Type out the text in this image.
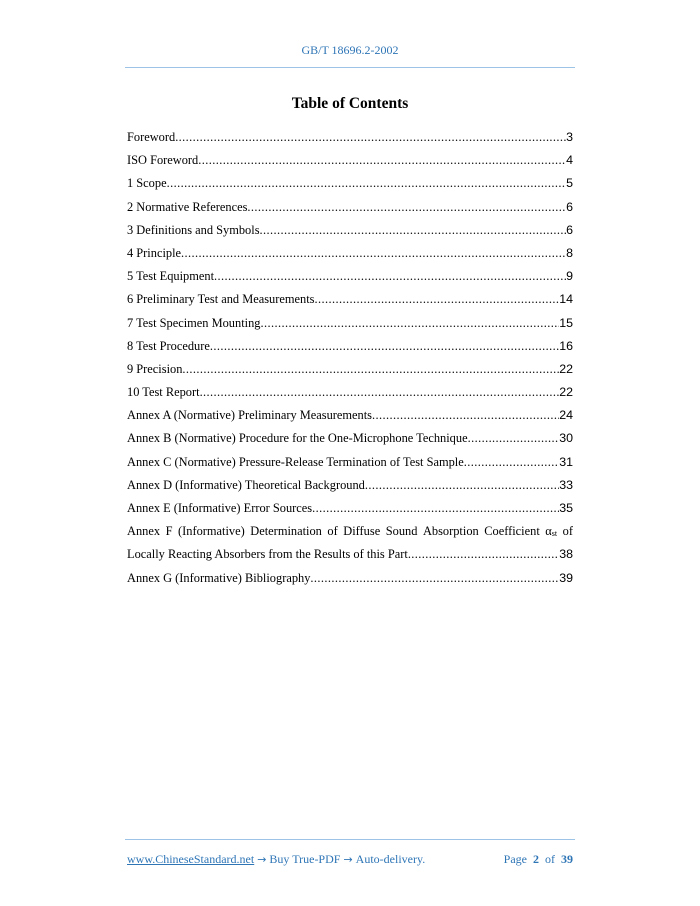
GB/T 18696.2-2002
Table of Contents
Foreword .....	3
ISO Foreword .....	4
1 Scope .....	5
2 Normative References .....	6
3 Definitions and Symbols .....	6
4 Principle .....	8
5 Test Equipment .....	9
6 Preliminary Test and Measurements .....	14
7 Test Specimen Mounting .....	15
8 Test Procedure .....	16
9 Precision .....	22
10 Test Report .....	22
Annex A (Normative) Preliminary Measurements .....	24
Annex B (Normative) Procedure for the One-Microphone Technique .....	30
Annex C (Normative) Pressure-Release Termination of Test Sample .....	31
Annex D (Informative) Theoretical Background .....	33
Annex E (Informative) Error Sources .....	35
Annex F (Informative) Determination of Diffuse Sound Absorption Coefficient αst of
Locally Reacting Absorbers from the Results of this Part .....	38
Annex G (Informative) Bibliography .....	39
www.ChineseStandard.net → Buy True-PDF → Auto-delivery.	Page 2 of 39
